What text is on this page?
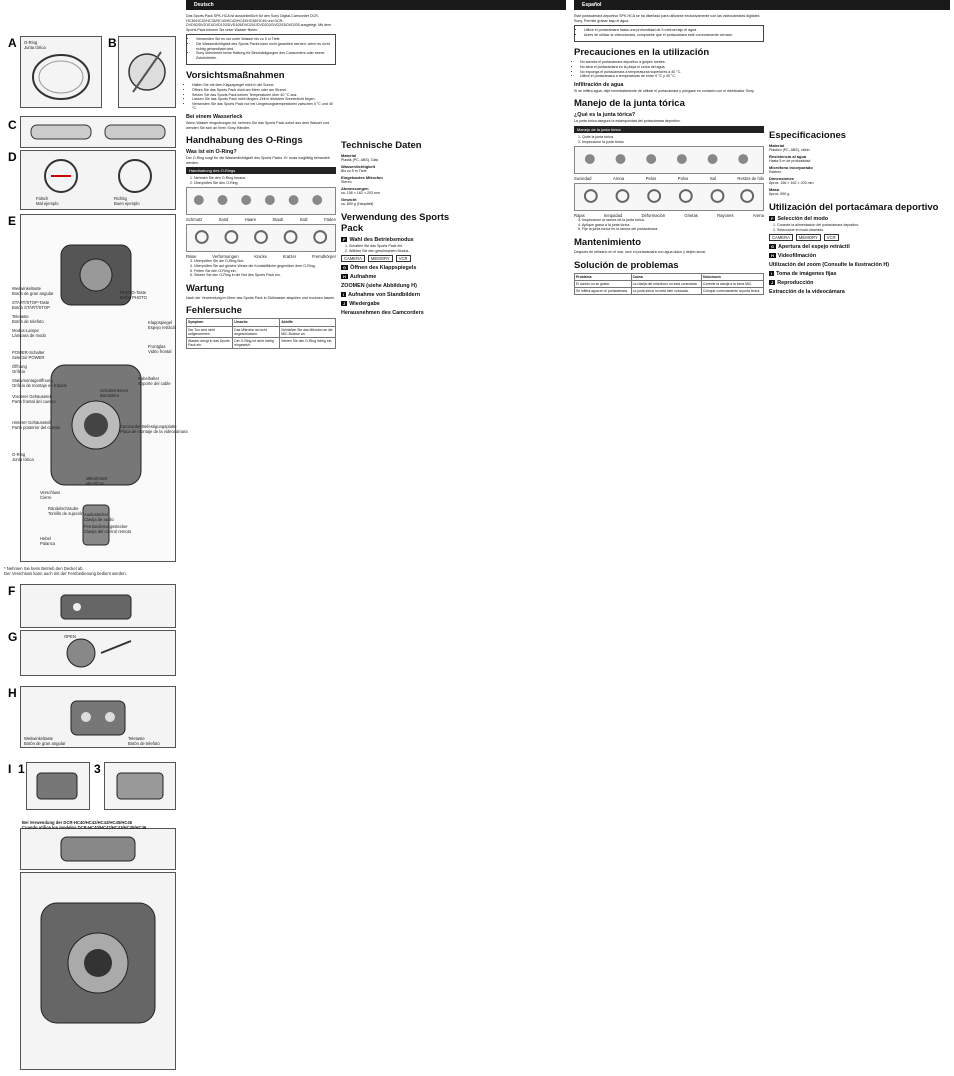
A O-Ring
Junta tórica	B
C
D
Falsch
Mal ejemplo
Richtig
Buen ejemplo
E
Weitwinkeltaste
Botón de gran angular	PHOTO-Taste
Botón PHOTO
START/STOP-Taste
Botón START/STOP
Teletaste
Botón de telefoto
Modus-Lampe
Lámpara de modo
Klappspiegel
Espejo retráctil
POWER-Schalter
Selector POWER
Öffnung
Orificio
Frontglas
Vidrio frontal
Stativmontageöffnung
Orificio de montaje en trípode
Schulterriemen
Bandolera
Kabelhalter
Soporte del cable
Vorderer Gehäuseteil
Parte frontal del cuerpo
Hinterer Gehäuseteil
Parte posterior del cuerpo	Camcorder-Befestigungsplatte
Placa de montaje de la videocámara
O-Ring
Junta tórica
Mikrofonteil
Micrófono
Verschluss
Cierre
Rändelschraube
Tornillo de sujeción Audiostecker
Clavija de audio
Fernbedienungsstecker
Clavija del control remoto
Hebel
Palanca
* Nehmen Sie beim Betrieb den Deckel ab.
Der Verschluss kann auch mit der Fernbedienung bedient werden.
F
G	OPEN
H
Weitwinkeltaste
Botón de gran angular
Teletaste
Botón de telefoto
I 1	3
Bei Verwendung der DCR-HC40/HC42/HC43/HC45/HC46
Cuando utilice los modelos DCR-HC40/HC42/HC43/HC45/HC46
Deutsch

Das Sports Pack SPK-HCA ist ausschließlich für den Sony Digital-Camcorder DCR-HC30/HC32/HC33/HC40/HC42/HC43/HC45/HC46 und DCR-DVD92/DVD101/DVD103/DVD105/DVD201/DVD202/DVD203/DVD205 ausgelegt. Mit dem Sports Pack können Sie unter Wasser filmen.

• Verwenden Sie es nur unter Wasser bis zu 5 m Tiefe.
• Die Wasserdichtigkeit des Sports Packs kann nicht garantiert werden, wenn es nicht richtig gehandhabt wird.
• Sony übernimmt keine Haftung für Beschädigungen des Camcorders oder seiner Zubehörteile.
Vorsichtsmaßnahmen
• Halten Sie mit dem Klappspiegel nicht in die Sonne.
• Öffnen Sie das Sports Pack nicht am Meer oder am Strand.
• Setzen Sie das Sports Pack keinen Temperaturen über 40 °C aus.
• Lassen Sie das Sports Pack nicht längere Zeit in direktem Sonnenlicht liegen.
• Verwenden Sie das Sports Pack nur bei Umgebungstemperaturen zwischen 0 °C und 40 °C.
Bei einem Wasserleck

Wenn Wasser eingedrungen ist, nehmen Sie das Sports Pack sofort aus dem Wasser und wenden Sie sich an Ihren Sony-Händler.

Handhabung des O-Rings
Was ist ein O-Ring?

Der O-Ring sorgt für die Wasserdichtigkeit des Sports Packs. Er muss sorgfältig behandelt werden.

Handhabung des O-Rings
1. Nehmen Sie den O-Ring heraus.
2. Überprüfen Sie den O-Ring.
Schmutz	Sand	Haare	Staub	Salz	Fäden
Risse	Verformungen	Knicke	Kratzer	Fremdkörper
3. Überprüfen Sie die O-Ring-Nut.
4. Überprüfen Sie auf gleiche Weise die Kontaktfläche gegenüber dem O-Ring.
5. Fetten Sie den O-Ring ein.
6. Setzen Sie den O-Ring in die Nut des Sports Pack ein.
Wartung

Nach der Verwendung im Meer das Sports Pack in Süßwasser abspülen und trocknen lassen.

Fehlersuche
Symptom	Ursache	Abhilfe
Der Ton wird nicht aufgenommen.	Das Mikrofon ist nicht angeschlossen.	Schließen Sie das Mikrofon an die MIC-Buchse an.
Wasser dringt in das Sports Pack ein.	Der O-Ring ist nicht richtig eingesetzt.	Setzen Sie den O-Ring richtig ein.
Technische Daten
Material

Plastik (PC, ABS), Glas

Wasserdichtigkeit

Bis zu 5 m Tiefe

Eingebautes Mikrofon

Stereo

Abmessungen

ca. 156 × 162 × 203 mm

Gewicht

ca. 890 g (Hauptteil)

Verwendung des Sports Pack
F Wahl des Betriebsmodus
1. Schalten Sie das Sports Pack ein.
2. Wählen Sie den gewünschten Modus.
CAMERA	MEMORY	VCR
G Öffnen des Klappspiegels
H Aufnahme
ZOOMEN (siehe Abbildung H)
I Aufnahme von Standbildern
J Wiedergabe
Herausnehmen des Camcorders
Español

Este portacámara deportivo SPK-HCA se ha diseñado para utilizarse exclusivamente con las videocámaras digitales Sony. Permite grabar bajo el agua.

• Utilice el portacámara hasta una profundidad de 5 metros bajo el agua.
• Antes de utilizar la videocámara, compruebe que el portacámara esté correctamente cerrado.
Precauciones en la utilización
• No someta el portacámara deportivo a golpes fuertes.
• No abra el portacámara en la playa ni cerca del agua.
• No exponga el portacámara a temperaturas superiores a 40 °C.
• Utilice el portacámara a temperaturas de entre 0 °C y 40 °C.
Infiltración de agua

Si se infiltra agua, deje inmediatamente de utilizar el portacámara y póngase en contacto con el distribuidor Sony.

Manejo de la junta tórica
¿Qué es la junta tórica?

La junta tórica asegura la estanqueidad del portacámara deportivo.

Manejo de la junta tórica
1. Quite la junta tórica.
2. Inspeccione la junta tórica.
Suciedad	Arena	Pelos	Polvo	Sal	Restos de hilo
Rajas	Inequidad	Deformación	Grietas	Rayones	Arena
3. Inspeccione la ranura de la junta tórica.
4. Aplique grasa a la junta tórica.
5. Fije la junta tórica en la ranura del portacámara.
Mantenimiento

Después de utilizarlo en el mar, lave el portacámara con agua dulce y déjelo secar.

Solución de problemas
Problema	Causa	Soluciones
El sonido no se graba.	La clavija del micrófono no está conectada.	Conecte la clavija a la toma MIC.
Se infiltra agua en el portacámara.	La junta tórica no está bien colocada.	Coloque correctamente la junta tórica.
Especificaciones
Material

Plástico (PC, ABS), vidrio

Resistencia al agua

Hasta 5 m de profundidad

Micrófono incorporado

Estéreo

Dimensiones

Aprox. 156 × 162 × 203 mm

Masa

Aprox. 890 g

Utilización del portacámara deportivo
F Selección del modo
1. Conecte la alimentación del portacámara deportivo.
2. Seleccione el modo deseado.
CAMERA	MEMORY	VCR
G Apertura del espejo retráctil
H Videofilmación
Utilización del zoom (Consulte la ilustración H)
I Toma de imágenes fijas
J Reproducción
Extracción de la videocámara
